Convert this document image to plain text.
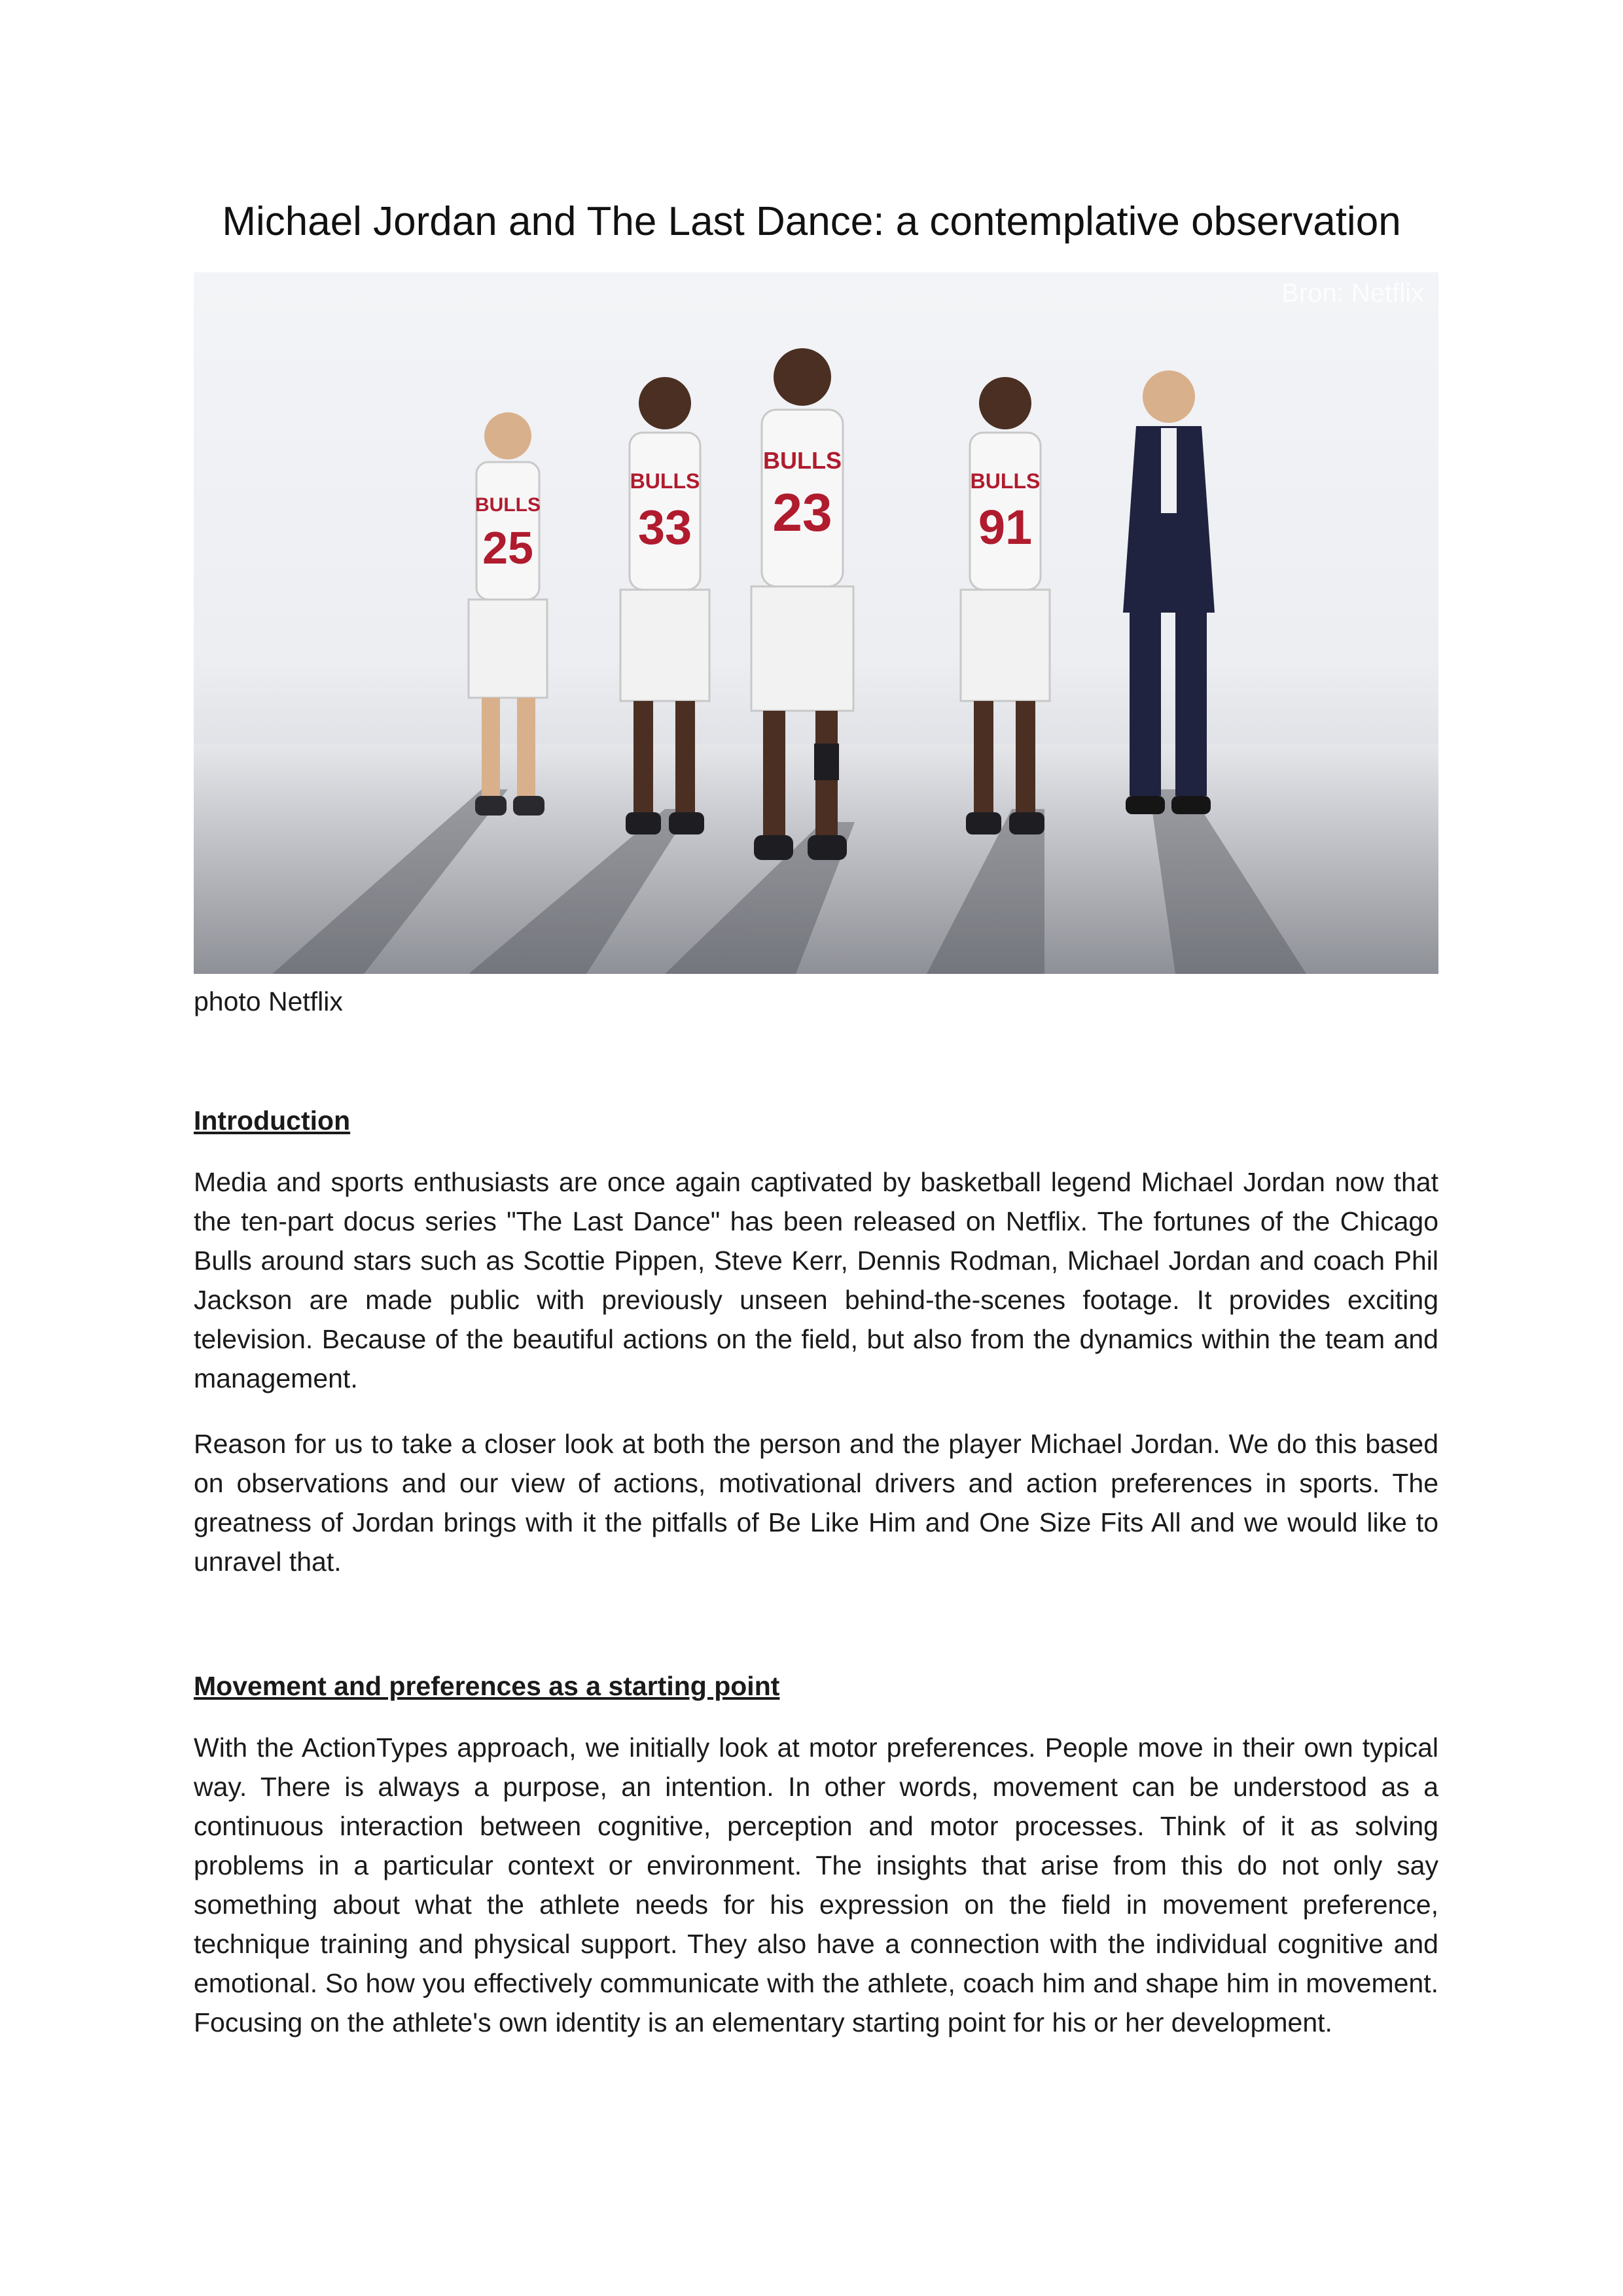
Michael Jordan and The Last Dance: a contemplative observation
BULLS
25
BULLS
33
BULLS
23
BULLS
91
Bron: Netflix
photo Netflix
Introduction

Media and sports enthusiasts are once again captivated by basketball legend Michael Jordan now that the ten-part docus series "The Last Dance" has been released on Netflix. The fortunes of the Chicago Bulls around stars such as Scottie Pippen, Steve Kerr, Dennis Rodman, Michael Jordan and coach Phil Jackson are made public with previously unseen behind-the-scenes footage. It provides exciting television. Because of the beautiful actions on the field, but also from the dynamics within the team and management.

Reason for us to take a closer look at both the person and the player Michael Jordan. We do this based on observations and our view of actions, motivational drivers and action preferences in sports. The greatness of Jordan brings with it the pitfalls of Be Like Him and One Size Fits All and we would like to unravel that.

Movement and preferences as a starting point

With the ActionTypes approach, we initially look at motor preferences. People move in their own typical way. There is always a purpose, an intention. In other words, movement can be understood as a continuous interaction between cognitive, perception and motor processes. Think of it as solving problems in a particular context or environment. The insights that arise from this do not only say something about what the athlete needs for his expression on the field in movement preference, technique training and physical support. They also have a connection with the individual cognitive and emotional. So how you effectively communicate with the athlete, coach him and shape him in movement. Focusing on the athlete's own identity is an elementary starting point for his or her development.
